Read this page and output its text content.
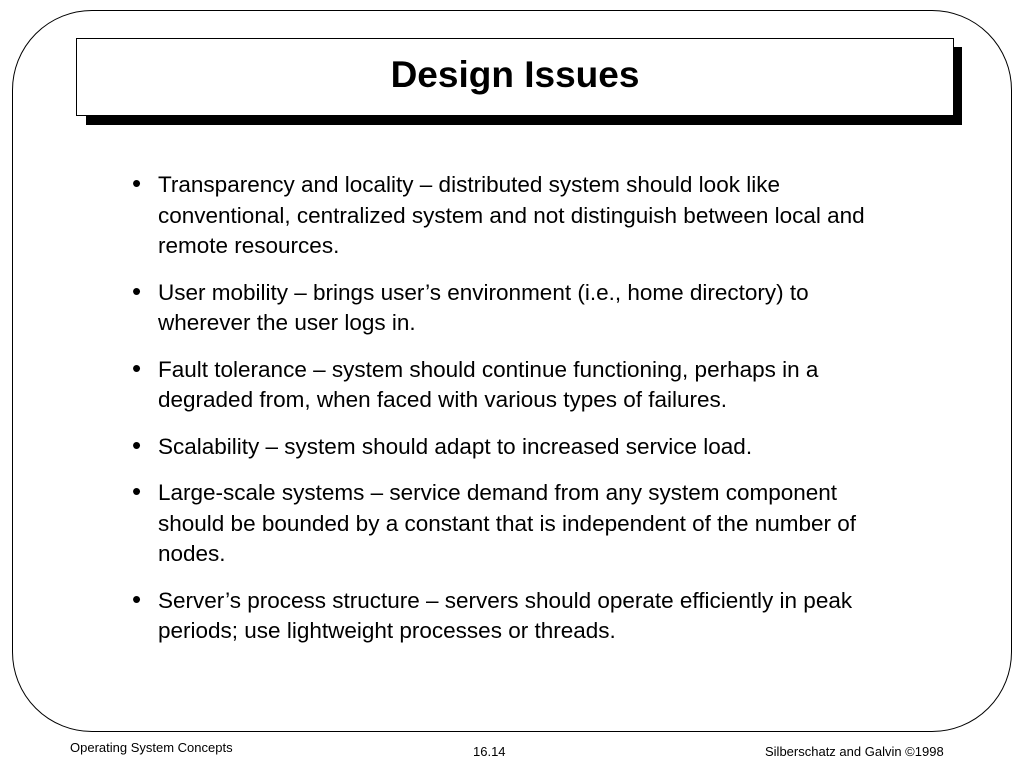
Design Issues
• Transparency and locality – distributed system should look like conventional, centralized system and not distinguish between local and remote resources.
• User mobility – brings user’s environment (i.e., home directory) to wherever the user logs in.
• Fault tolerance – system should continue functioning, perhaps in a degraded from, when faced with various types of failures.
• Scalability – system should adapt to increased service load.
• Large-scale systems – service demand from any system component should be bounded by a constant that is independent of the number of nodes.
• Server’s process structure – servers should operate efficiently in peak periods; use lightweight processes or threads.
Operating System Concepts	16.14	Silberschatz and Galvin ©1998
